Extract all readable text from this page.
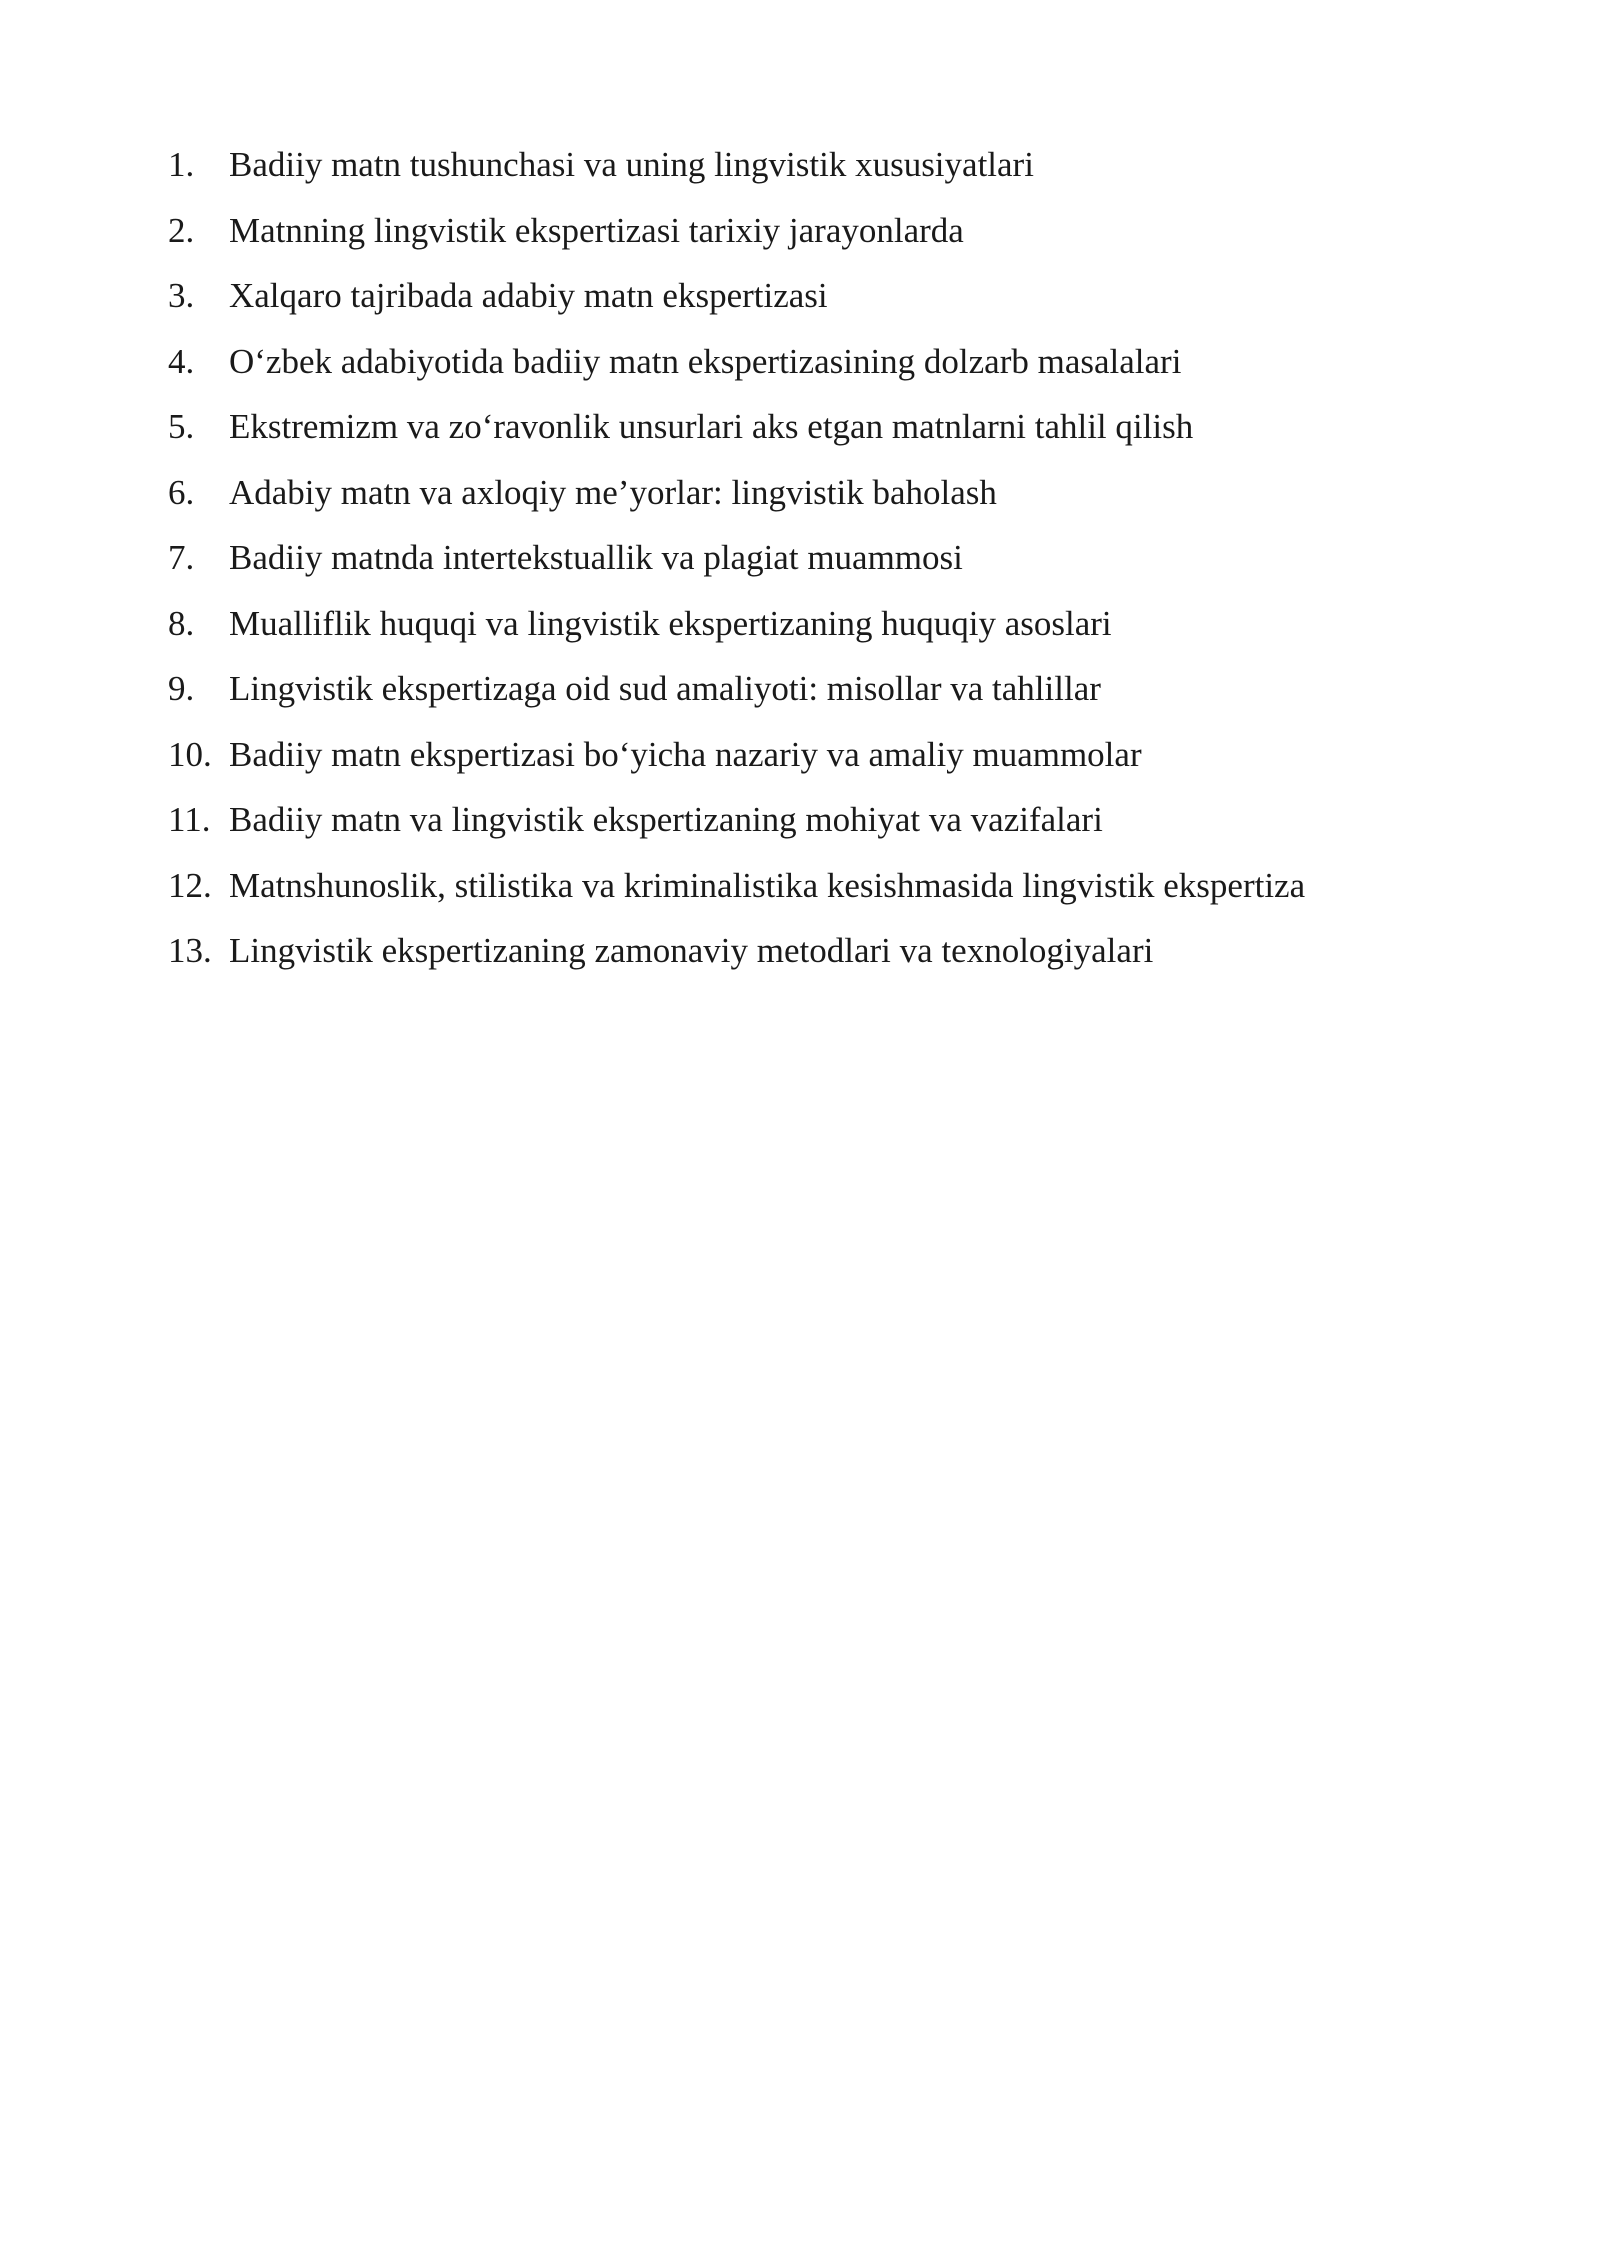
1. Badiiy matn tushunchasi va uning lingvistik xususiyatlari
2. Matnning lingvistik ekspertizasi tarixiy jarayonlarda
3. Xalqaro tajribada adabiy matn ekspertizasi
4. O‘zbek adabiyotida badiiy matn ekspertizasining dolzarb masalalari
5. Ekstremizm va zo‘ravonlik unsurlari aks etgan matnlarni tahlil qilish
6. Adabiy matn va axloqiy me’yorlar: lingvistik baholash
7. Badiiy matnda intertekstuallik va plagiat muammosi
8. Mualliflik huquqi va lingvistik ekspertizaning huquqiy asoslari
9. Lingvistik ekspertizaga oid sud amaliyoti: misollar va tahlillar
10. Badiiy matn ekspertizasi bo‘yicha nazariy va amaliy muammolar
11. Badiiy matn va lingvistik ekspertizaning mohiyat va vazifalari
12. Matnshunoslik, stilistika va kriminalistika kesishmasida lingvistik ekspertiza
13. Lingvistik ekspertizaning zamonaviy metodlari va texnologiyalari
